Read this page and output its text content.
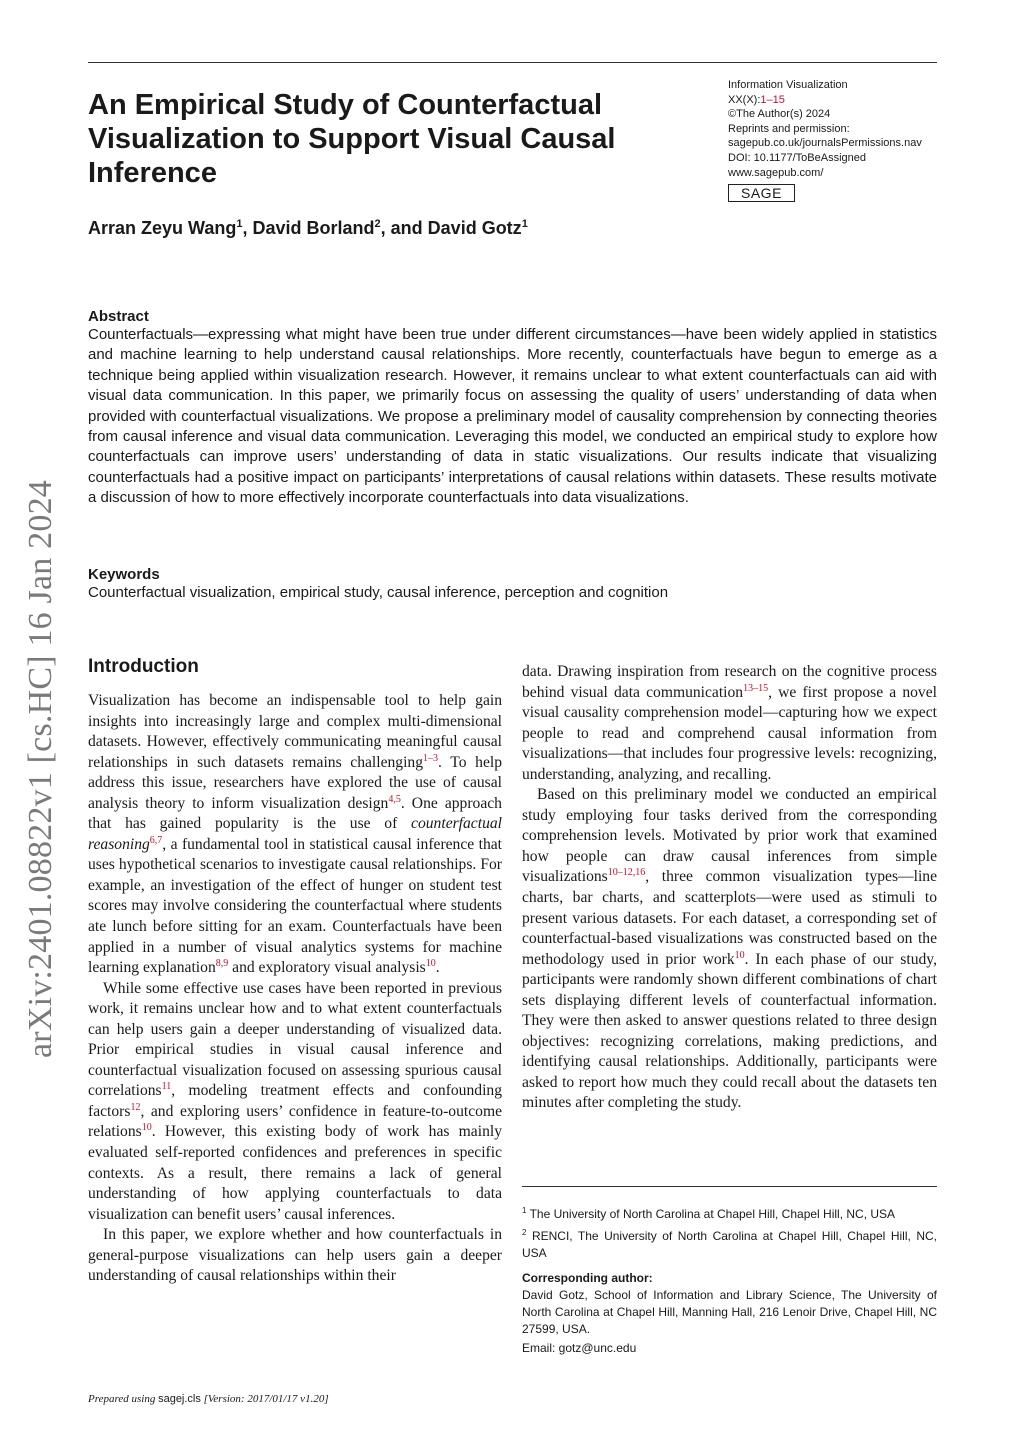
Information Visualization
XX(X):1–15
©The Author(s) 2024
Reprints and permission:
sagepub.co.uk/journalsPermissions.nav
DOI: 10.1177/ToBeAssigned
www.sagepub.com/
SAGE
An Empirical Study of Counterfactual Visualization to Support Visual Causal Inference
Arran Zeyu Wang$^1$, David Borland$^2$, and David Gotz$^1$

Abstract

Counterfactuals—expressing what might have been true under different circumstances—have been widely applied in statistics and machine learning to help understand causal relationships. More recently, counterfactuals have begun to emerge as a technique being applied within visualization research. However, it remains unclear to what extent counterfactuals can aid with visual data communication. In this paper, we primarily focus on assessing the quality of users’ understanding of data when provided with counterfactual visualizations. We propose a preliminary model of causality comprehension by connecting theories from causal inference and visual data communication. Leveraging this model, we conducted an empirical study to explore how counterfactuals can improve users’ understanding of data in static visualizations. Our results indicate that visualizing counterfactuals had a positive impact on participants’ interpretations of causal relations within datasets. These results motivate a discussion of how to more effectively incorporate counterfactuals into data visualizations.

Keywords

Counterfactual visualization, empirical study, causal inference, perception and cognition

arXiv:2401.08822v1 [cs.HC] 16 Jan 2024 Introduction

Visualization has become an indispensable tool to help gain insights into increasingly large and complex multi-dimensional datasets. However, effectively communicating meaningful causal relationships in such datasets remains challenging$^{1-3}$. To help address this issue, researchers have explored the use of causal analysis theory to inform visualization design$^{4,5}$. One approach that has gained popularity is the use of counterfactual reasoning$^{6,7}$, a fundamental tool in statistical causal inference that uses hypothetical scenarios to investigate causal relationships. For example, an investigation of the effect of hunger on student test scores may involve considering the counterfactual where students ate lunch before sitting for an exam. Counterfactuals have been applied in a number of visual analytics systems for machine learning explanation$^{8,9}$ and exploratory visual analysis$^{10}$.

While some effective use cases have been reported in previous work, it remains unclear how and to what extent counterfactuals can help users gain a deeper understanding of visualized data. Prior empirical studies in visual causal inference and counterfactual visualization focused on assessing spurious causal correlations$^{11}$, modeling treatment effects and confounding factors$^{12}$, and exploring users’ confidence in feature-to-outcome relations$^{10}$. However, this existing body of work has mainly evaluated self-reported confidences and preferences in specific contexts. As a result, there remains a lack of general understanding of how applying counterfactuals to data visualization can benefit users’ causal inferences.

In this paper, we explore whether and how counterfactuals in general-purpose visualizations can help users gain a deeper understanding of causal relationships within their

data. Drawing inspiration from research on the cognitive process behind visual data communication$^{13-15}$, we first propose a novel visual causality comprehension model—capturing how we expect people to read and comprehend causal information from visualizations—that includes four progressive levels: recognizing, understanding, analyzing, and recalling.

Based on this preliminary model we conducted an empirical study employing four tasks derived from the corresponding comprehension levels. Motivated by prior work that examined how people can draw causal inferences from simple visualizations$^{10-12,16}$, three common visualization types—line charts, bar charts, and scatterplots—were used as stimuli to present various datasets. For each dataset, a corresponding set of counterfactual-based visualizations was constructed based on the methodology used in prior work$^{10}$. In each phase of our study, participants were randomly shown different combinations of chart sets displaying different levels of counterfactual information. They were then asked to answer questions related to three design objectives: recognizing correlations, making predictions, and identifying causal relationships. Additionally, participants were asked to report how much they could recall about the datasets ten minutes after completing the study.

$^1$ The University of North Carolina at Chapel Hill, Chapel Hill, NC, USA

$^2$ RENCI, The University of North Carolina at Chapel Hill, Chapel Hill, NC, USA

Corresponding author:

David Gotz, School of Information and Library Science, The University of North Carolina at Chapel Hill, Manning Hall, 216 Lenoir Drive, Chapel Hill, NC 27599, USA.

Email: gotz@unc.edu

Prepared using sagej.cls [Version: 2017/01/17 v1.20]
